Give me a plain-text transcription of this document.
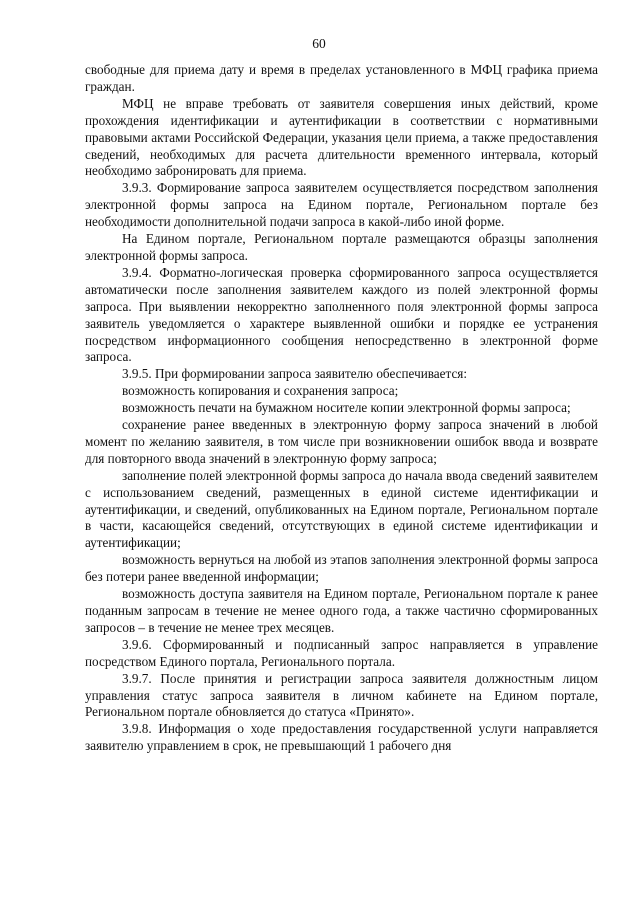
60

свободные для приема дату и время в пределах установленного в МФЦ графика приема граждан.

МФЦ не вправе требовать от заявителя совершения иных действий, кроме прохождения идентификации и аутентификации в соответствии с нормативными правовыми актами Российской Федерации, указания цели приема, а также предоставления сведений, необходимых для расчета длительности временного интервала, который необходимо забронировать для приема.

3.9.3. Формирование запроса заявителем осуществляется посредством заполнения электронной формы запроса на Едином портале, Региональном портале без необходимости дополнительной подачи запроса в какой-либо иной форме.

На Едином портале, Региональном портале размещаются образцы заполнения электронной формы запроса.

3.9.4. Форматно-логическая проверка сформированного запроса осуществляется автоматически после заполнения заявителем каждого из полей электронной формы запроса. При выявлении некорректно заполненного поля электронной формы запроса заявитель уведомляется о характере выявленной ошибки и порядке ее устранения посредством информационного сообщения непосредственно в электронной форме запроса.

3.9.5. При формировании запроса заявителю обеспечивается:

возможность копирования и сохранения запроса;

возможность печати на бумажном носителе копии электронной формы запроса;

сохранение ранее введенных в электронную форму запроса значений в любой момент по желанию заявителя, в том числе при возникновении ошибок ввода и возврате для повторного ввода значений в электронную форму запроса;

заполнение полей электронной формы запроса до начала ввода сведений заявителем с использованием сведений, размещенных в единой системе идентификации и аутентификации, и сведений, опубликованных на Едином портале, Региональном портале в части, касающейся сведений, отсутствующих в единой системе идентификации и аутентификации;

возможность вернуться на любой из этапов заполнения электронной формы запроса без потери ранее введенной информации;

возможность доступа заявителя на Едином портале, Региональном портале к ранее поданным запросам в течение не менее одного года, а также частично сформированных запросов – в течение не менее трех месяцев.

3.9.6. Сформированный и подписанный запрос направляется в управление посредством Единого портала, Регионального портала.

3.9.7. После принятия и регистрации запроса заявителя должностным лицом управления статус запроса заявителя в личном кабинете на Едином портале, Региональном портале обновляется до статуса «Принято».

3.9.8. Информация о ходе предоставления государственной услуги направляется заявителю управлением в срок, не превышающий 1 рабочего дня
